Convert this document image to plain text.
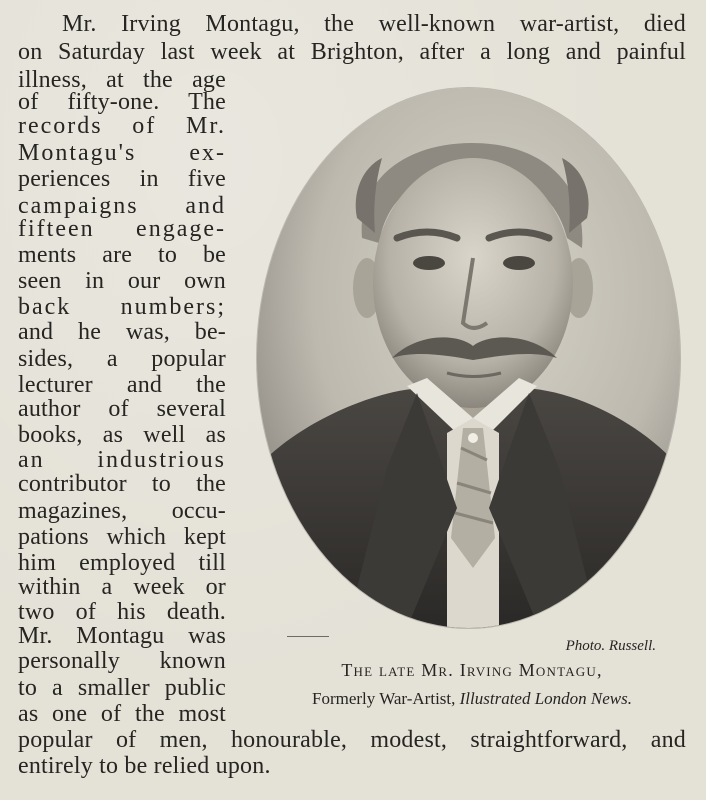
Mr. Irving Montagu, the well-known war-artist, died
on Saturday last week at Brighton, after a long and painful
illness, at the age
of fifty-one. The
records of Mr.
Montagu's ex-
periences in five
campaigns and
fifteen engage-
ments are to be
seen in our own
back numbers;
and he was, be-
sides, a popular
lecturer and the
author of several
books, as well as
an industrious
contributor to the
magazines, occu-
pations which kept
him employed till
within a week or
two of his death.
Mr. Montagu was
personally known
to a smaller public
as one of the most
Photo. Russell.
The late Mr. Irving Montagu,
Formerly War-Artist, Illustrated London News.
popular of men, honourable, modest, straightforward, and
entirely to be relied upon.
